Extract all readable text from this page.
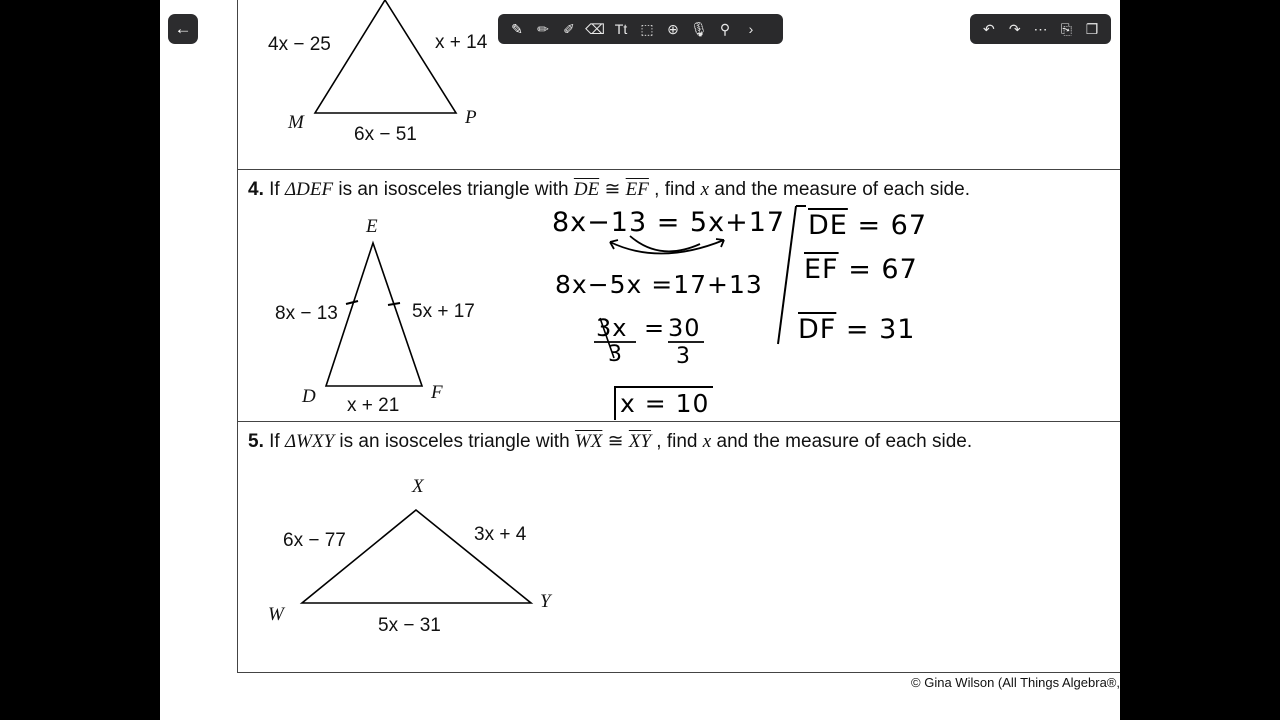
4x − 25	x + 14
6x − 51
M	P
4. If ΔDEF is an isosceles triangle with $\overline{DE}$ ≅ $\overline{EF}$ , find x and the measure of each side.
E
D	F
8x − 13	5x + 17
x + 21
8x−13 = 5x+17
8x−5x =17+13
3x = 30
3 3
x = 10
$\overline{DE} = 67$
$\overline{EF} = 67$
$\overline{DF} = 31$
5. If ΔWXY is an isosceles triangle with $\overline{WX}$ ≅ $\overline{XY}$ , find x and the measure of each side.
X
W
Y
6x − 77	3x + 4
5x − 31
© Gina Wilson (All Things Algebra®,
←	✎	✏	✐ ⌫ Tt ⬚ ⊕ 🎙 ⚲	›	↶	↷ ⋯ ⎘ ❐
